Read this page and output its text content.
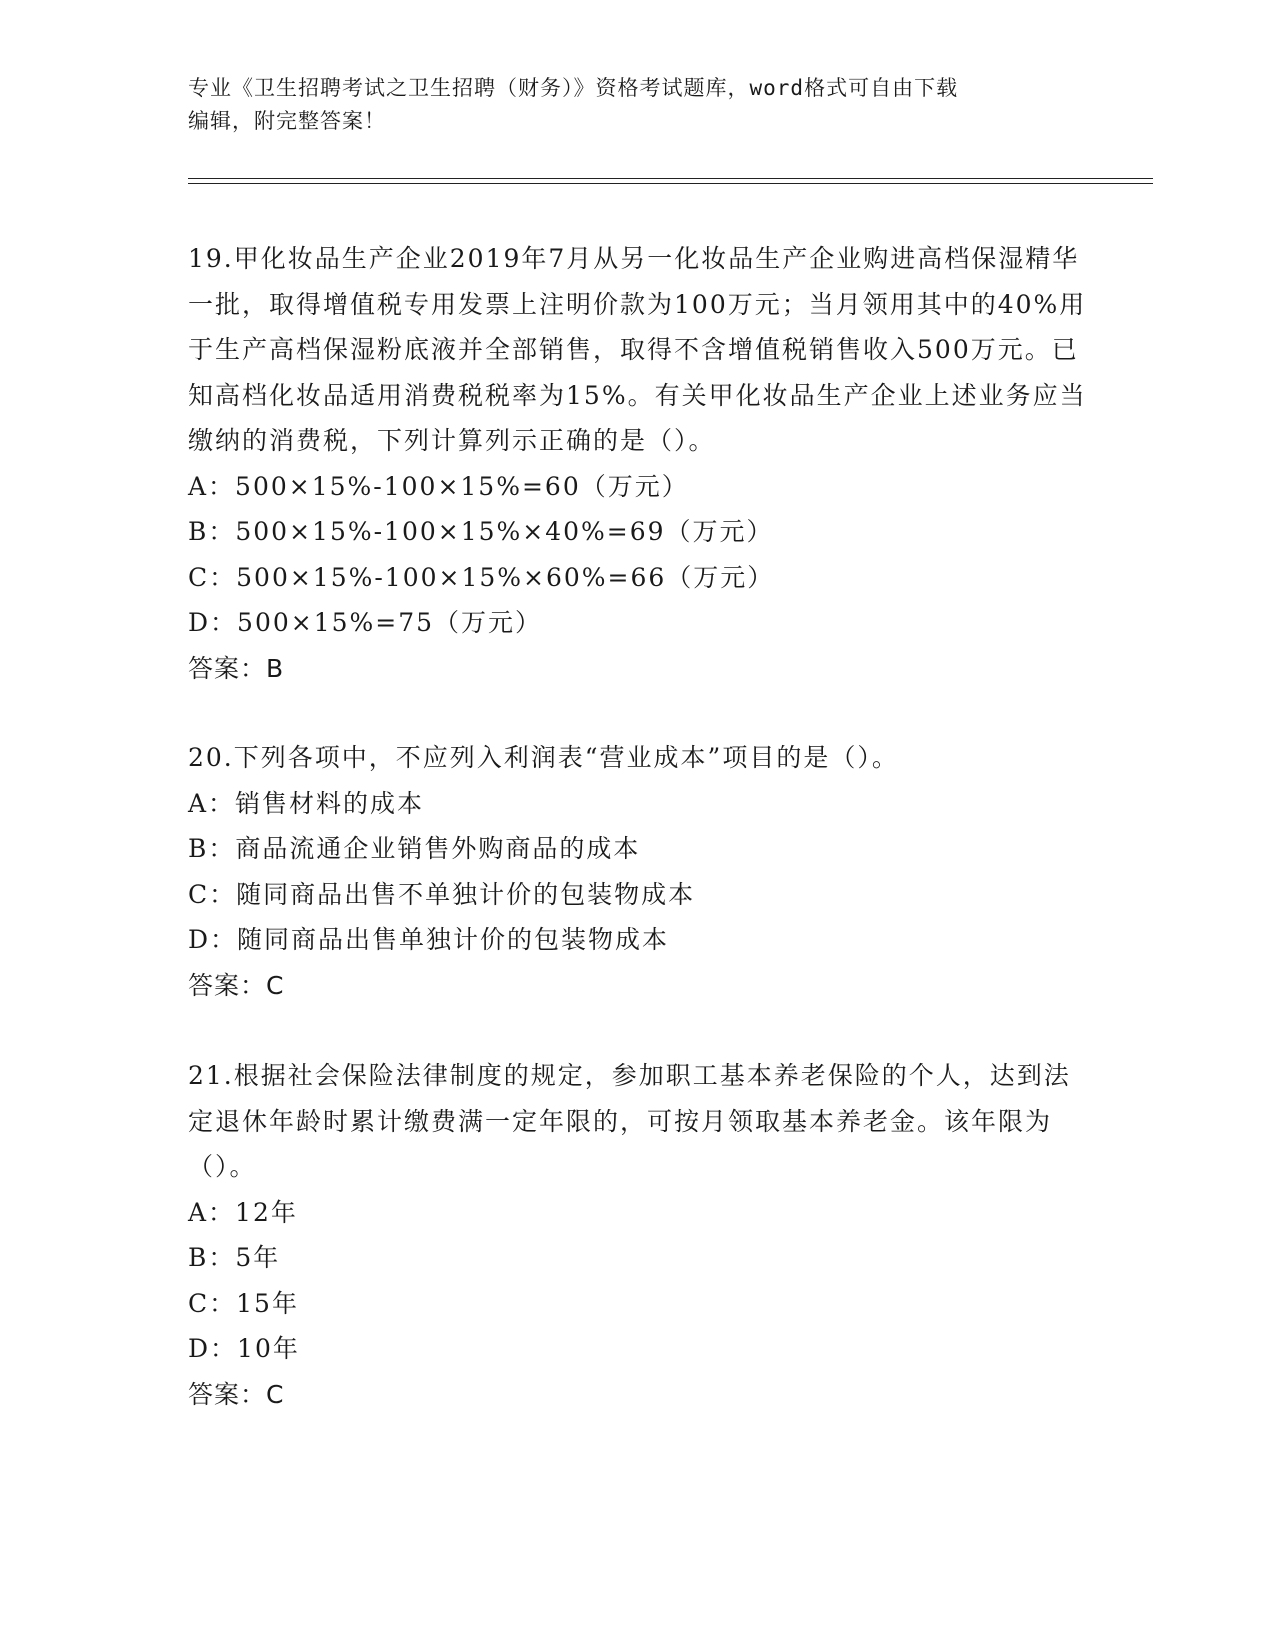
专业《卫生招聘考试之卫生招聘（财务）》资格考试题库，word格式可自由下载
编辑，附完整答案！

19.甲化妆品生产企业2019年7月从另一化妆品生产企业购进高档保湿精华一批，取得增值税专用发票上注明价款为100万元；当月领用其中的40%用于生产高档保湿粉底液并全部销售，取得不含增值税销售收入500万元。已知高档化妆品适用消费税税率为15%。有关甲化妆品生产企业上述业务应当缴纳的消费税，下列计算列示正确的是（）。

A：500×15%-100×15%=60（万元）

B：500×15%-100×15%×40%=69（万元）

C：500×15%-100×15%×60%=66（万元）

D：500×15%=75（万元）

答案：B

20.下列各项中，不应列入利润表“营业成本”项目的是（）。

A：销售材料的成本

B：商品流通企业销售外购商品的成本

C：随同商品出售不单独计价的包装物成本

D：随同商品出售单独计价的包装物成本

答案：C

21.根据社会保险法律制度的规定，参加职工基本养老保险的个人，达到法定退休年龄时累计缴费满一定年限的，可按月领取基本养老金。该年限为（）。

A：12年

B：5年

C：15年

D：10年

答案：C
